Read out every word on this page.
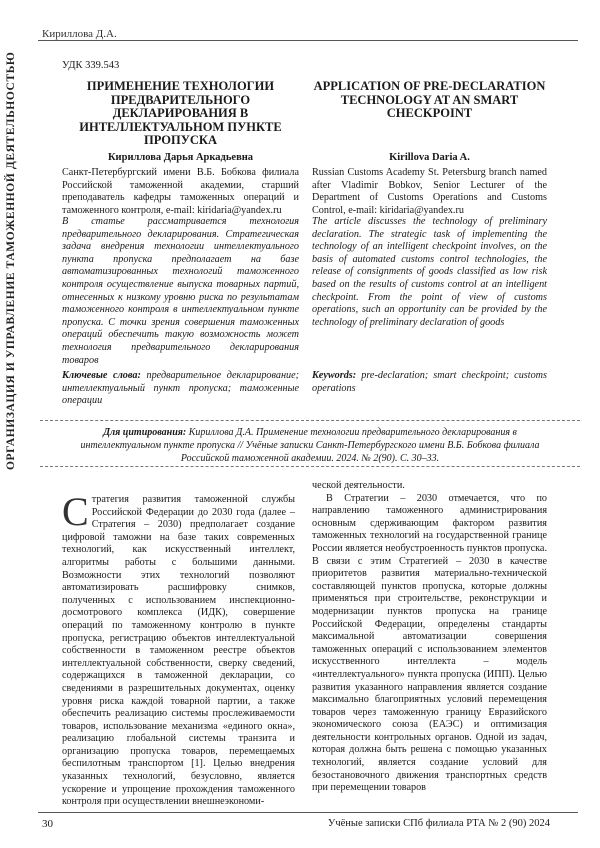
Кириллова Д.А.
ОРГАНИЗАЦИЯ И УПРАВЛЕНИЕ ТАМОЖЕННОЙ ДЕЯТЕЛЬНОСТЬЮ	УДК 339.543
ПРИМЕНЕНИЕ ТЕХНОЛОГИИ ПРЕДВАРИТЕЛЬНОГО ДЕКЛАРИРОВАНИЯ В ИНТЕЛЛЕКТУАЛЬНОМ ПУНКТЕ ПРОПУСКА
APPLICATION OF PRE-DECLARATION TECHNOLOGY AT AN SMART CHECKPOINT
Кириллова Дарья Аркадьевна	Kirillova Daria A.
Санкт-Петербургский имени В.Б. Бобкова филиала Российской таможенной академии, старший преподаватель кафедры таможенных операций и таможенного контроля, e-mail: kiridaria@yandex.ru
Russian Customs Academy St. Petersburg branch named after Vladimir Bobkov, Senior Lecturer of the Department of Customs Operations and Customs Control, e-mail: kiridaria@yandex.ru
В статье рассматривается технология предварительного декларирования. Стратегическая задача внедрения технологии интеллектуального пункта пропуска предполагает на базе автоматизированных технологий таможенного контроля осуществление выпуска товарных партий, отнесенных к низкому уровню риска по результатам таможенного контроля в интеллектуальном пункте пропуска. С точки зрения совершения таможенных операций обеспечить такую возможность может технология предварительного декларирования товаров
The article discusses the technology of preliminary declaration. The strategic task of implementing the technology of an intelligent checkpoint involves, on the basis of automated customs control technologies, the release of consignments of goods classified as low risk based on the results of customs control at an intelligent checkpoint. From the point of view of customs operations, such an opportunity can be provided by the technology of preliminary declaration of goods
Ключевые слова: предварительное декларирование; интеллектуальный пункт пропуска; таможенные операции
Keywords: pre-declaration; smart checkpoint; customs operations
Для цитирования: Кириллова Д.А. Применение технологии предварительного декларирования в интеллектуальном пункте пропуска // Учёные записки Санкт-Петербургского имени В.Б. Бобкова филиала Российской таможенной академии. 2024. № 2(90). С. 30–33.

Стратегия развития таможенной службы Российской Федерации до 2030 года (далее – Стратегия – 2030) предполагает создание цифровой таможни на базе таких современных технологий, как искусственный интеллект, алгоритмы работы с большими данными. Возможности этих технологий позволяют автоматизировать расшифровку снимков, полученных с использованием инспекционно-досмотрового комплекса (ИДК), совершение операций по таможенному контролю в пункте пропуска, регистрацию объектов интеллектуальной собственности в таможенном реестре объектов интеллектуальной собственности, сверку сведений, содержащихся в таможенной декларации, со сведениями в разрешительных документах, оценку уровня риска каждой товарной партии, а также обеспечить реализацию системы прослеживаемости товаров, использование механизма «единого окна», реализацию глобальной системы транзита и организацию пропуска товаров, перемещаемых беспилотным транспортом [1]. Целью внедрения указанных технологий, безусловно, является ускорение и упрощение прохождения таможенного контроля при осуществлении внешнеэкономи-

ческой деятельности.

В Стратегии – 2030 отмечается, что по направлению таможенного администрирования основным сдерживающим фактором развития таможенных технологий на государственной границе России является необустроенность пунктов пропуска. В связи с этим Стратегией – 2030 в качестве приоритетов развития материально-технической составляющей пунктов пропуска, которые должны применяться при строительстве, реконструкции и модернизации пунктов пропуска на границе Российской Федерации, определены стандарты максимальной автоматизации совершения таможенных операций с использованием элементов искусственного интеллекта – модель «интеллектуального» пункта пропуска (ИПП). Целью развития указанного направления является создание максимально благоприятных условий перемещения товаров через таможенную границу Евразийского экономического союза (ЕАЭС) и оптимизация деятельности контрольных органов. Одной из задач, которая должна быть решена с помощью указанных технологий, является создание условий для безостановочного движения транспортных средств при перемещении товаров

30	Учёные записки СПб филиала РТА № 2 (90) 2024
